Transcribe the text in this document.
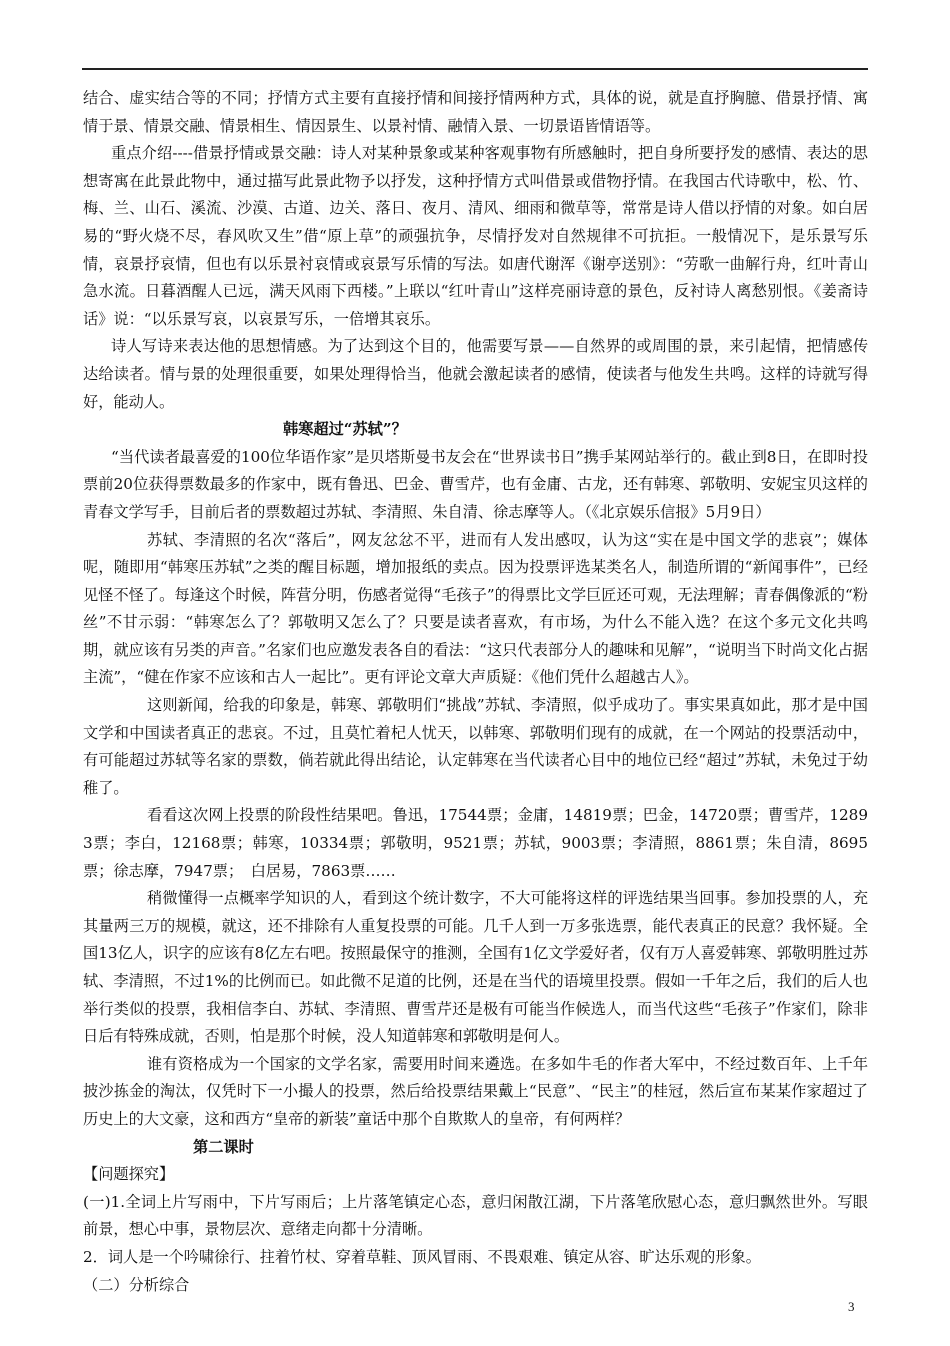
结合、虚实结合等的不同；抒情方式主要有直接抒情和间接抒情两种方式，具体的说，就是直抒胸臆、借景抒情、寓情于景、情景交融、情景相生、情因景生、以景衬情、融情入景、一切景语皆情语等。

重点介绍----借景抒情或景交融：诗人对某种景象或某种客观事物有所感触时，把自身所要抒发的感情、表达的思想寄寓在此景此物中，通过描写此景此物予以抒发，这种抒情方式叫借景或借物抒情。在我国古代诗歌中，松、竹、梅、兰、山石、溪流、沙漠、古道、边关、落日、夜月、清风、细雨和微草等，常常是诗人借以抒情的对象。如白居易的“野火烧不尽，春风吹又生”借“原上草”的顽强抗争，尽情抒发对自然规律不可抗拒。一般情况下，是乐景写乐情，哀景抒哀情，但也有以乐景衬哀情或哀景写乐情的写法。如唐代谢浑《谢亭送别》：“劳歌一曲解行舟，红叶青山急水流。日暮酒醒人已远，满天风雨下西楼。”上联以“红叶青山”这样亮丽诗意的景色，反衬诗人离愁别恨。《姜斋诗话》说：“以乐景写哀，以哀景写乐，一倍增其哀乐。

诗人写诗来表达他的思想情感。为了达到这个目的，他需要写景——自然界的或周围的景，来引起情，把情感传达给读者。情与景的处理很重要，如果处理得恰当，他就会激起读者的感情，使读者与他发生共鸣。这样的诗就写得好，能动人。

韩寒超过“苏轼”？

“当代读者最喜爱的100位华语作家”是贝塔斯曼书友会在“世界读书日”携手某网站举行的。截止到8日，在即时投票前20位获得票数最多的作家中，既有鲁迅、巴金、曹雪芹，也有金庸、古龙，还有韩寒、郭敬明、安妮宝贝这样的青春文学写手，目前后者的票数超过苏轼、李清照、朱自清、徐志摩等人。（《北京娱乐信报》5月9日）

苏轼、李清照的名次“落后”，网友忿忿不平，进而有人发出感叹，认为这“实在是中国文学的悲哀”；媒体呢，随即用“韩寒压苏轼”之类的醒目标题，增加报纸的卖点。因为投票评选某类名人，制造所谓的“新闻事件”，已经见怪不怪了。每逢这个时候，阵营分明，伤感者觉得“毛孩子”的得票比文学巨匠还可观，无法理解；青春偶像派的“粉丝”不甘示弱：“韩寒怎么了？郭敬明又怎么了？只要是读者喜欢，有市场，为什么不能入选？在这个多元文化共鸣期，就应该有另类的声音。”名家们也应邀发表各自的看法：“这只代表部分人的趣味和见解”，“说明当下时尚文化占据主流”，“健在作家不应该和古人一起比”。更有评论文章大声质疑：《他们凭什么超越古人》。

这则新闻，给我的印象是，韩寒、郭敬明们“挑战”苏轼、李清照，似乎成功了。事实果真如此，那才是中国文学和中国读者真正的悲哀。不过，且莫忙着杞人忧天，以韩寒、郭敬明们现有的成就，在一个网站的投票活动中，有可能超过苏轼等名家的票数，倘若就此得出结论，认定韩寒在当代读者心目中的地位已经“超过”苏轼，未免过于幼稚了。

看看这次网上投票的阶段性结果吧。鲁迅，17544票；金庸，14819票；巴金，14720票；曹雪芹，12893票；李白，12168票；韩寒，10334票；郭敬明，9521票；苏轼，9003票；李清照，8861票；朱自清，8695票；徐志摩，7947票；　白居易，7863票……

稍微懂得一点概率学知识的人，看到这个统计数字，不大可能将这样的评选结果当回事。参加投票的人，充其量两三万的规模，就这，还不排除有人重复投票的可能。几千人到一万多张选票，能代表真正的民意？我怀疑。全国13亿人，识字的应该有8亿左右吧。按照最保守的推测，全国有1亿文学爱好者，仅有万人喜爱韩寒、郭敬明胜过苏轼、李清照，不过1%的比例而已。如此微不足道的比例，还是在当代的语境里投票。假如一千年之后，我们的后人也举行类似的投票，我相信李白、苏轼、李清照、曹雪芹还是极有可能当作候选人，而当代这些“毛孩子”作家们，除非日后有特殊成就，否则，怕是那个时候，没人知道韩寒和郭敬明是何人。

谁有资格成为一个国家的文学名家，需要用时间来遴选。在多如牛毛的作者大军中，不经过数百年、上千年披沙拣金的淘汰，仅凭时下一小撮人的投票，然后给投票结果戴上“民意”、“民主”的桂冠，然后宣布某某作家超过了历史上的大文豪，这和西方“皇帝的新装”童话中那个自欺欺人的皇帝，有何两样？

第二课时

【问题探究】

(一)1.全词上片写雨中，下片写雨后；上片落笔镇定心态，意归闲散江湖，下片落笔欣慰心态，意归飘然世外。写眼前景，想心中事，景物层次、意绪走向都十分清晰。

2．词人是一个吟啸徐行、拄着竹杖、穿着草鞋、顶风冒雨、不畏艰难、镇定从容、旷达乐观的形象。

（二）分析综合

3
